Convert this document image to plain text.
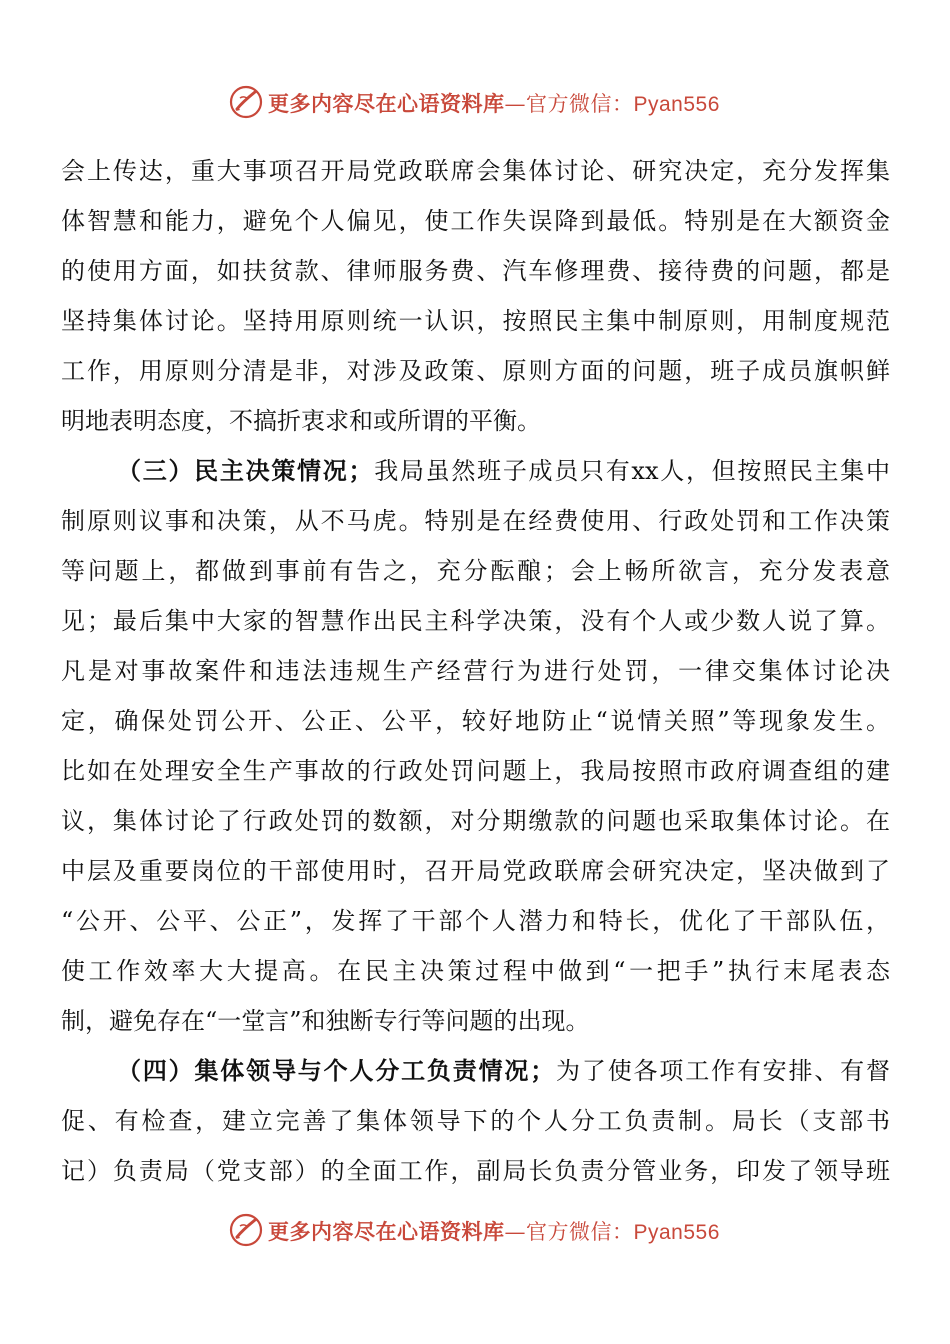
更多内容尽在心语资料库—官方微信：Pyan556
会上传达，重大事项召开局党政联席会集体讨论、研究决定，充分发挥集
体智慧和能力，避免个人偏见，使工作失误降到最低。特别是在大额资金
的使用方面，如扶贫款、律师服务费、汽车修理费、接待费的问题，都是
坚持集体讨论。坚持用原则统一认识，按照民主集中制原则，用制度规范
工作，用原则分清是非，对涉及政策、原则方面的问题，班子成员旗帜鲜
明地表明态度，不搞折衷求和或所谓的平衡。
（三）民主决策情况；我局虽然班子成员只有xx人，但按照民主集中
制原则议事和决策，从不马虎。特别是在经费使用、行政处罚和工作决策
等问题上，都做到事前有告之，充分酝酿；会上畅所欲言，充分发表意
见；最后集中大家的智慧作出民主科学决策，没有个人或少数人说了算。
凡是对事故案件和违法违规生产经营行为进行处罚，一律交集体讨论决
定，确保处罚公开、公正、公平，较好地防止“说情关照”等现象发生。
比如在处理安全生产事故的行政处罚问题上，我局按照市政府调查组的建
议，集体讨论了行政处罚的数额，对分期缴款的问题也采取集体讨论。在
中层及重要岗位的干部使用时，召开局党政联席会研究决定，坚决做到了
“公开、公平、公正”，发挥了干部个人潜力和特长，优化了干部队伍，
使工作效率大大提高。在民主决策过程中做到“一把手”执行末尾表态
制，避免存在“一堂言”和独断专行等问题的出现。
（四）集体领导与个人分工负责情况；为了使各项工作有安排、有督
促、有检查，建立完善了集体领导下的个人分工负责制。局长（支部书
记）负责局（党支部）的全面工作，副局长负责分管业务，印发了领导班
更多内容尽在心语资料库—官方微信：Pyan556
